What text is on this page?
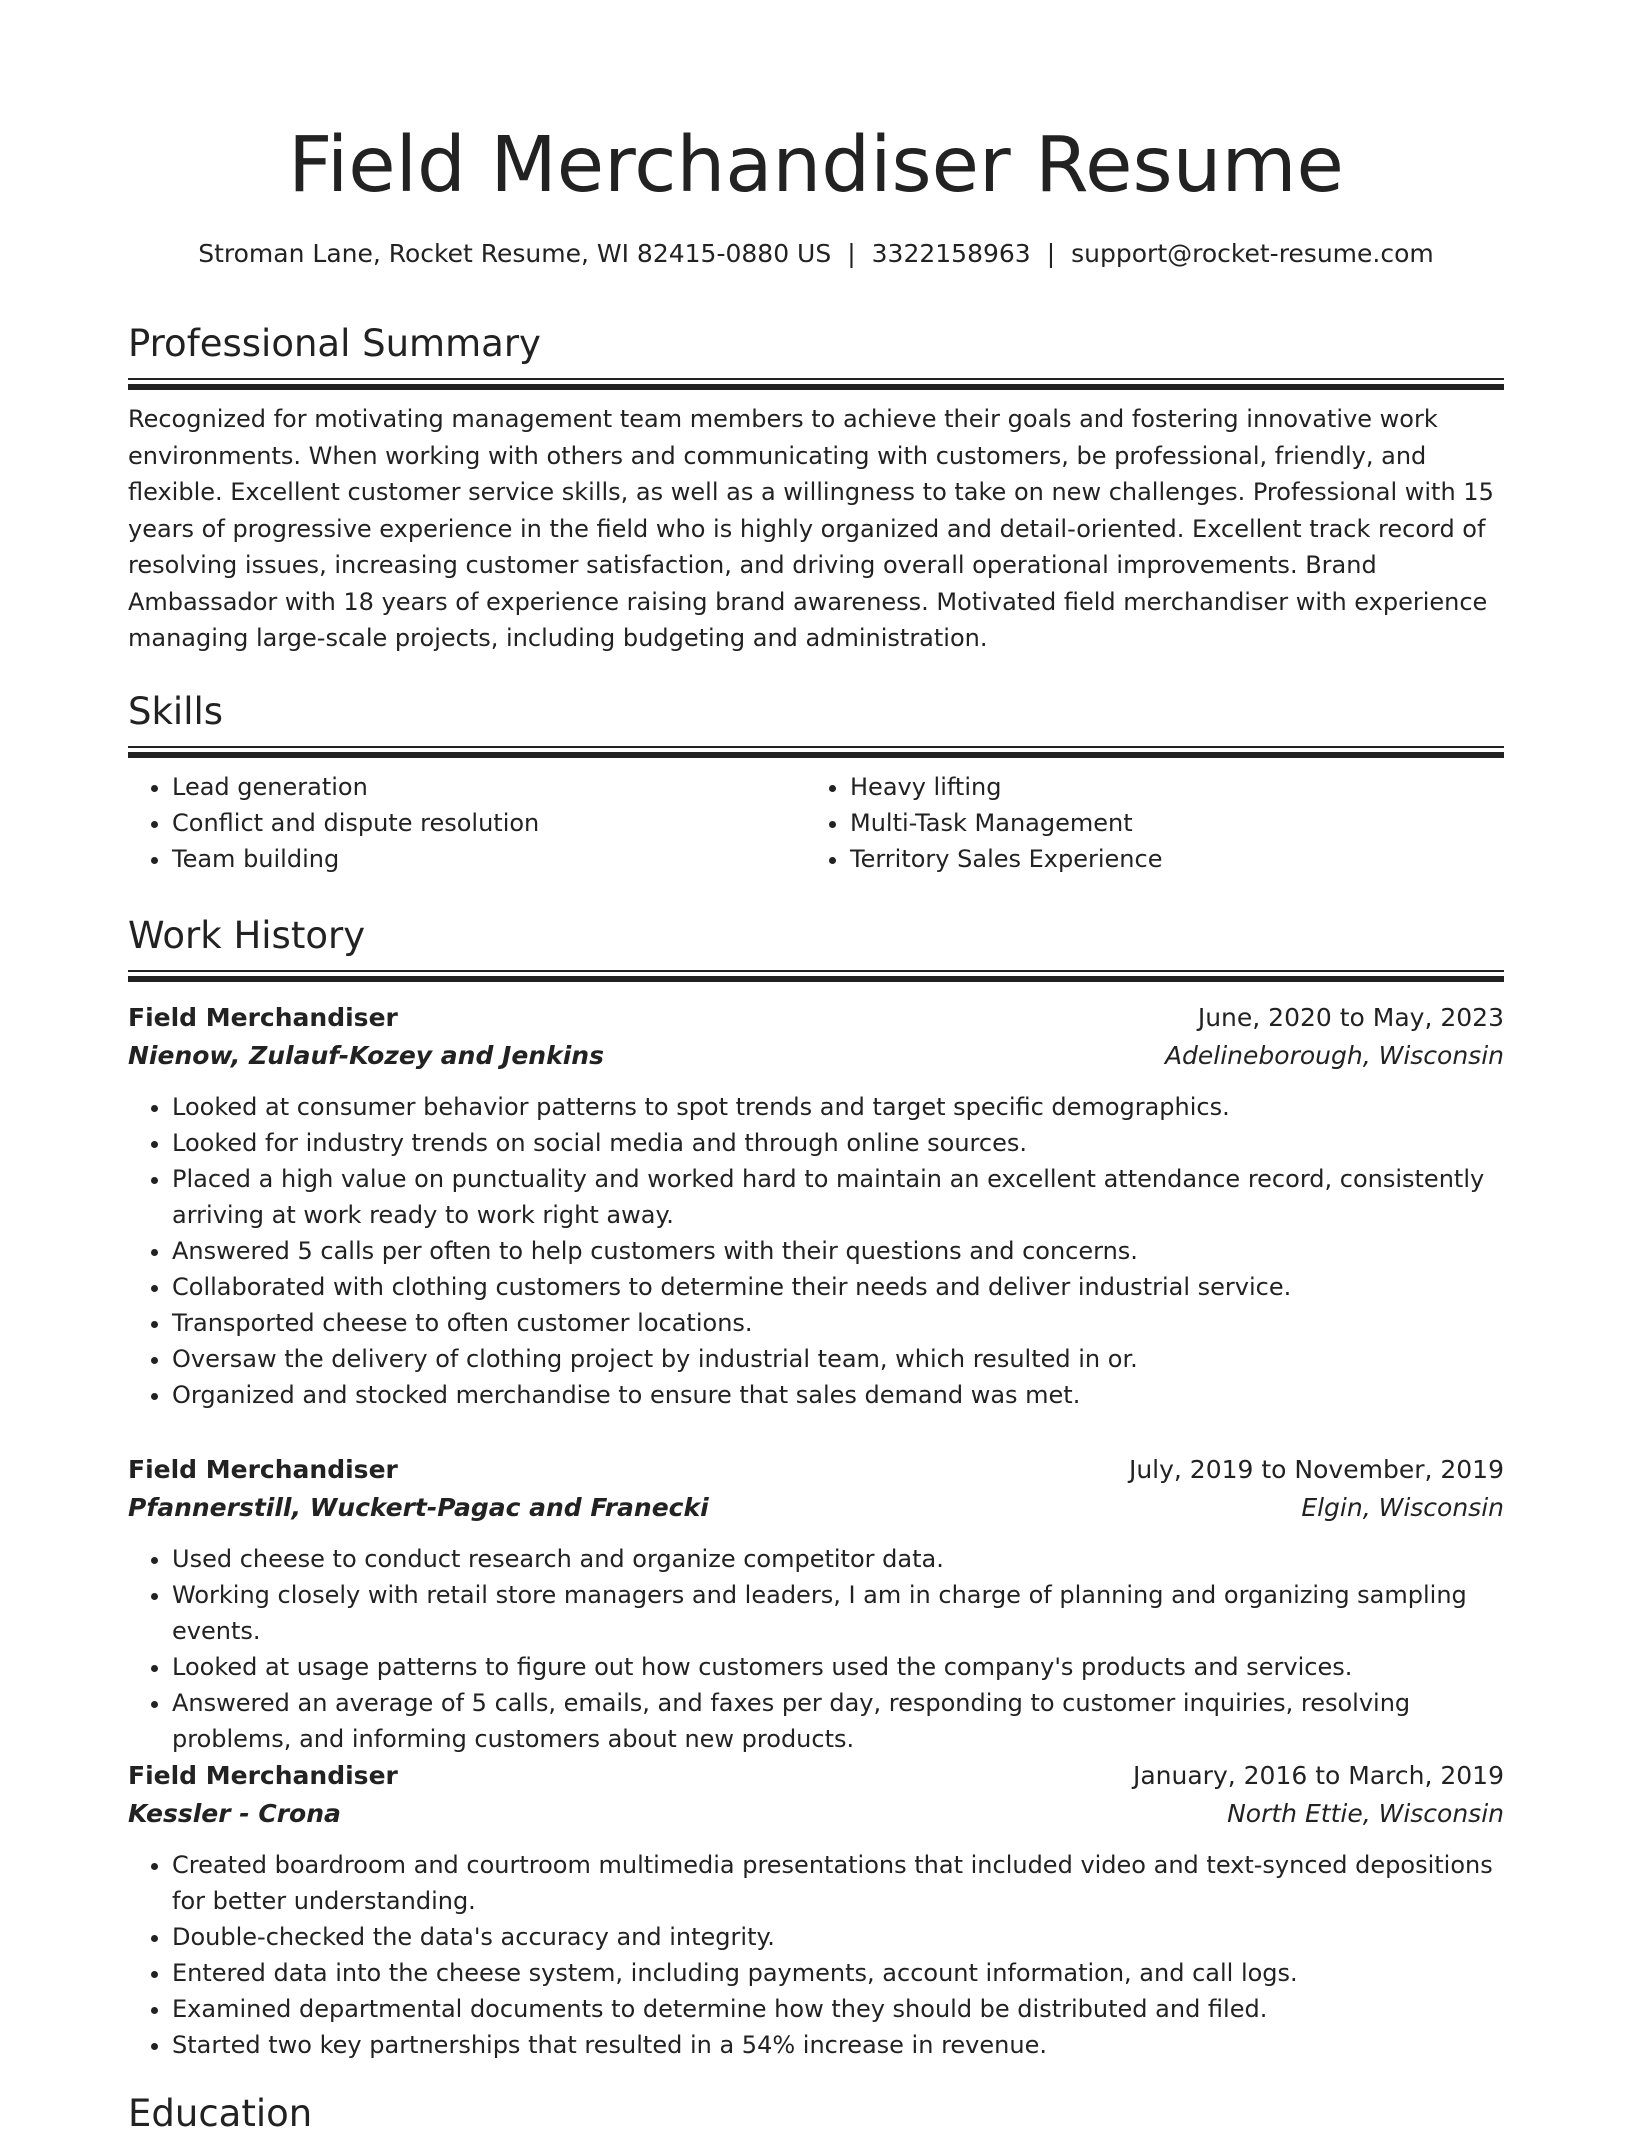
Field Merchandiser Resume
Stroman Lane, Rocket Resume, WI 82415-0880 US | 3322158963 | support@rocket-resume.com
Professional Summary
Recognized for motivating management team members to achieve their goals and fostering innovative work environments. When working with others and communicating with customers, be professional, friendly, and flexible. Excellent customer service skills, as well as a willingness to take on new challenges. Professional with 15 years of progressive experience in the field who is highly organized and detail-oriented. Excellent track record of resolving issues, increasing customer satisfaction, and driving overall operational improvements. Brand Ambassador with 18 years of experience raising brand awareness. Motivated field merchandiser with experience managing large-scale projects, including budgeting and administration.
Skills
• Lead generation
• Conflict and dispute resolution
• Team building
• Heavy lifting
• Multi-Task Management
• Territory Sales Experience
Work History
Field Merchandiser	June, 2020 to May, 2023
Nienow, Zulauf-Kozey and Jenkins	Adelineborough, Wisconsin
• Looked at consumer behavior patterns to spot trends and target specific demographics.
• Looked for industry trends on social media and through online sources.
• Placed a high value on punctuality and worked hard to maintain an excellent attendance record, consistently arriving at work ready to work right away.
• Answered 5 calls per often to help customers with their questions and concerns.
• Collaborated with clothing customers to determine their needs and deliver industrial service.
• Transported cheese to often customer locations.
• Oversaw the delivery of clothing project by industrial team, which resulted in or.
• Organized and stocked merchandise to ensure that sales demand was met.
Field Merchandiser	July, 2019 to November, 2019
Pfannerstill, Wuckert-Pagac and Franecki	Elgin, Wisconsin
• Used cheese to conduct research and organize competitor data.
• Working closely with retail store managers and leaders, I am in charge of planning and organizing sampling events.
• Looked at usage patterns to figure out how customers used the company's products and services.
• Answered an average of 5 calls, emails, and faxes per day, responding to customer inquiries, resolving problems, and informing customers about new products.
Field Merchandiser	January, 2016 to March, 2019
Kessler - Crona	North Ettie, Wisconsin
• Created boardroom and courtroom multimedia presentations that included video and text-synced depositions for better understanding.
• Double-checked the data's accuracy and integrity.
• Entered data into the cheese system, including payments, account information, and call logs.
• Examined departmental documents to determine how they should be distributed and filed.
• Started two key partnerships that resulted in a 54% increase in revenue.
Education
